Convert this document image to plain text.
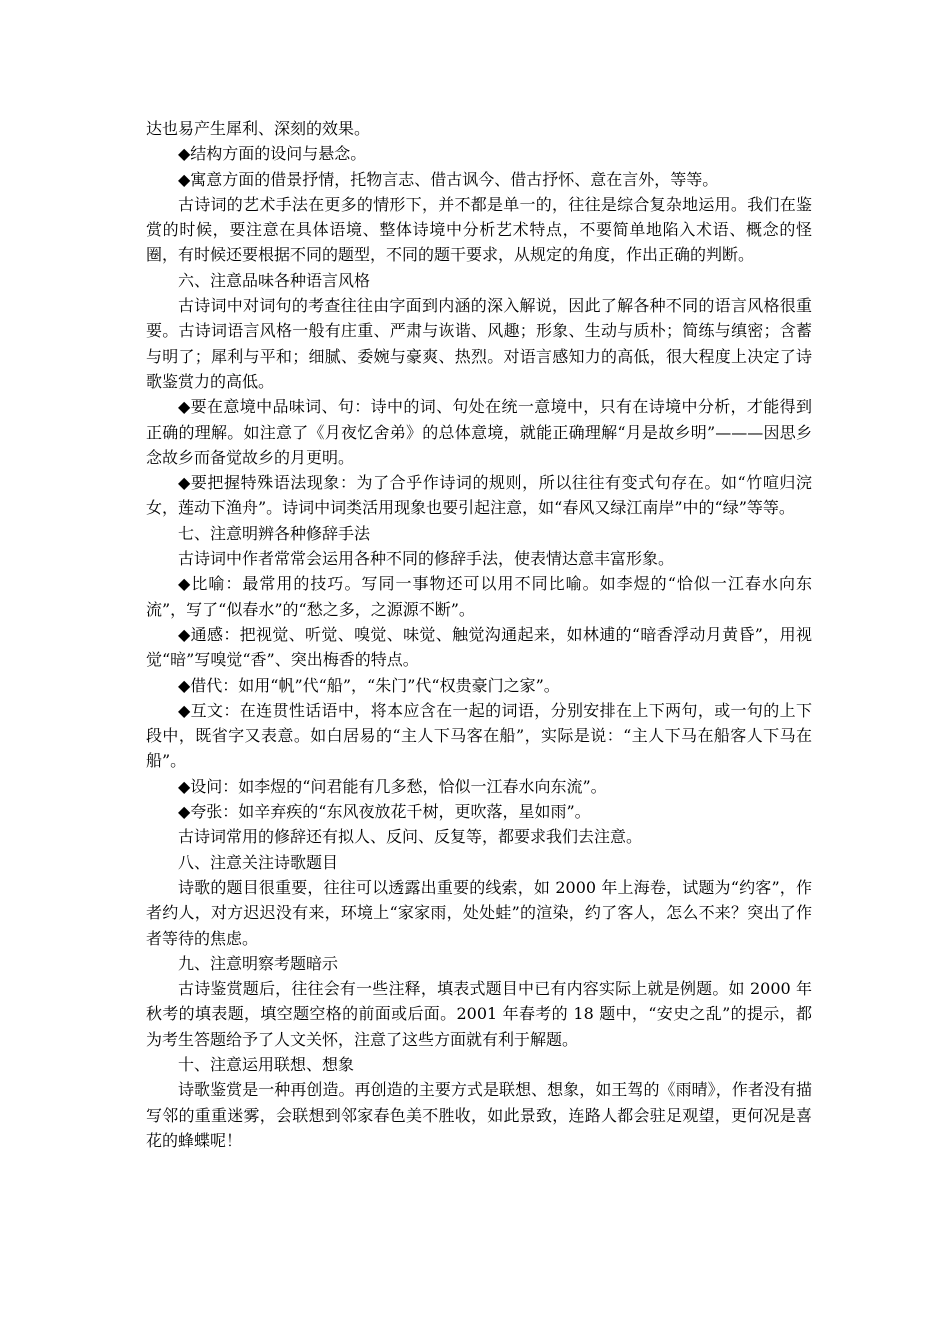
达也易产生犀利、深刻的效果。

◆结构方面的设问与悬念。

◆寓意方面的借景抒情，托物言志、借古讽今、借古抒怀、意在言外，等等。

古诗词的艺术手法在更多的情形下，并不都是单一的，往往是综合复杂地运用。我们在鉴赏的时候，要注意在具体语境、整体诗境中分析艺术特点，不要简单地陷入术语、概念的怪圈，有时候还要根据不同的题型，不同的题干要求，从规定的角度，作出正确的判断。

六、注意品味各种语言风格

古诗词中对词句的考查往往由字面到内涵的深入解说，因此了解各种不同的语言风格很重要。古诗词语言风格一般有庄重、严肃与诙谐、风趣；形象、生动与质朴；简练与缜密；含蓄与明了；犀利与平和；细腻、委婉与豪爽、热烈。对语言感知力的高低，很大程度上决定了诗歌鉴赏力的高低。

◆要在意境中品味词、句：诗中的词、句处在统一意境中，只有在诗境中分析，才能得到正确的理解。如注意了《月夜忆舍弟》的总体意境，就能正确理解“月是故乡明”———因思乡念故乡而备觉故乡的月更明。

◆要把握特殊语法现象：为了合乎作诗词的规则，所以往往有变式句存在。如“竹喧归浣女，莲动下渔舟”。诗词中词类活用现象也要引起注意，如“春风又绿江南岸”中的“绿”等等。

七、注意明辨各种修辞手法

古诗词中作者常常会运用各种不同的修辞手法，使表情达意丰富形象。

◆比喻：最常用的技巧。写同一事物还可以用不同比喻。如李煜的“恰似一江春水向东流”，写了“似春水”的“愁之多，之源源不断”。

◆通感：把视觉、听觉、嗅觉、味觉、触觉沟通起来，如林逋的“暗香浮动月黄昏”，用视觉“暗”写嗅觉“香”、突出梅香的特点。

◆借代：如用“帆”代“船”，“朱门”代“权贵豪门之家”。

◆互文：在连贯性话语中，将本应含在一起的词语，分别安排在上下两句，或一句的上下段中，既省字又表意。如白居易的“主人下马客在船”，实际是说：“主人下马在船客人下马在船”。

◆设问：如李煜的“问君能有几多愁，恰似一江春水向东流”。

◆夸张：如辛弃疾的“东风夜放花千树，更吹落，星如雨”。

古诗词常用的修辞还有拟人、反问、反复等，都要求我们去注意。

八、注意关注诗歌题目

诗歌的题目很重要，往往可以透露出重要的线索，如 2000 年上海卷，试题为“约客”，作者约人，对方迟迟没有来，环境上“家家雨，处处蛙”的渲染，约了客人，怎么不来？突出了作者等待的焦虑。

九、注意明察考题暗示

古诗鉴赏题后，往往会有一些注释，填表式题目中已有内容实际上就是例题。如 2000 年秋考的填表题，填空题空格的前面或后面。2001 年春考的 18 题中，“安史之乱”的提示，都为考生答题给予了人文关怀，注意了这些方面就有利于解题。

十、注意运用联想、想象

诗歌鉴赏是一种再创造。再创造的主要方式是联想、想象，如王驾的《雨晴》，作者没有描写邻的重重迷雾，会联想到邻家春色美不胜收，如此景致，连路人都会驻足观望，更何况是喜花的蜂蝶呢！
